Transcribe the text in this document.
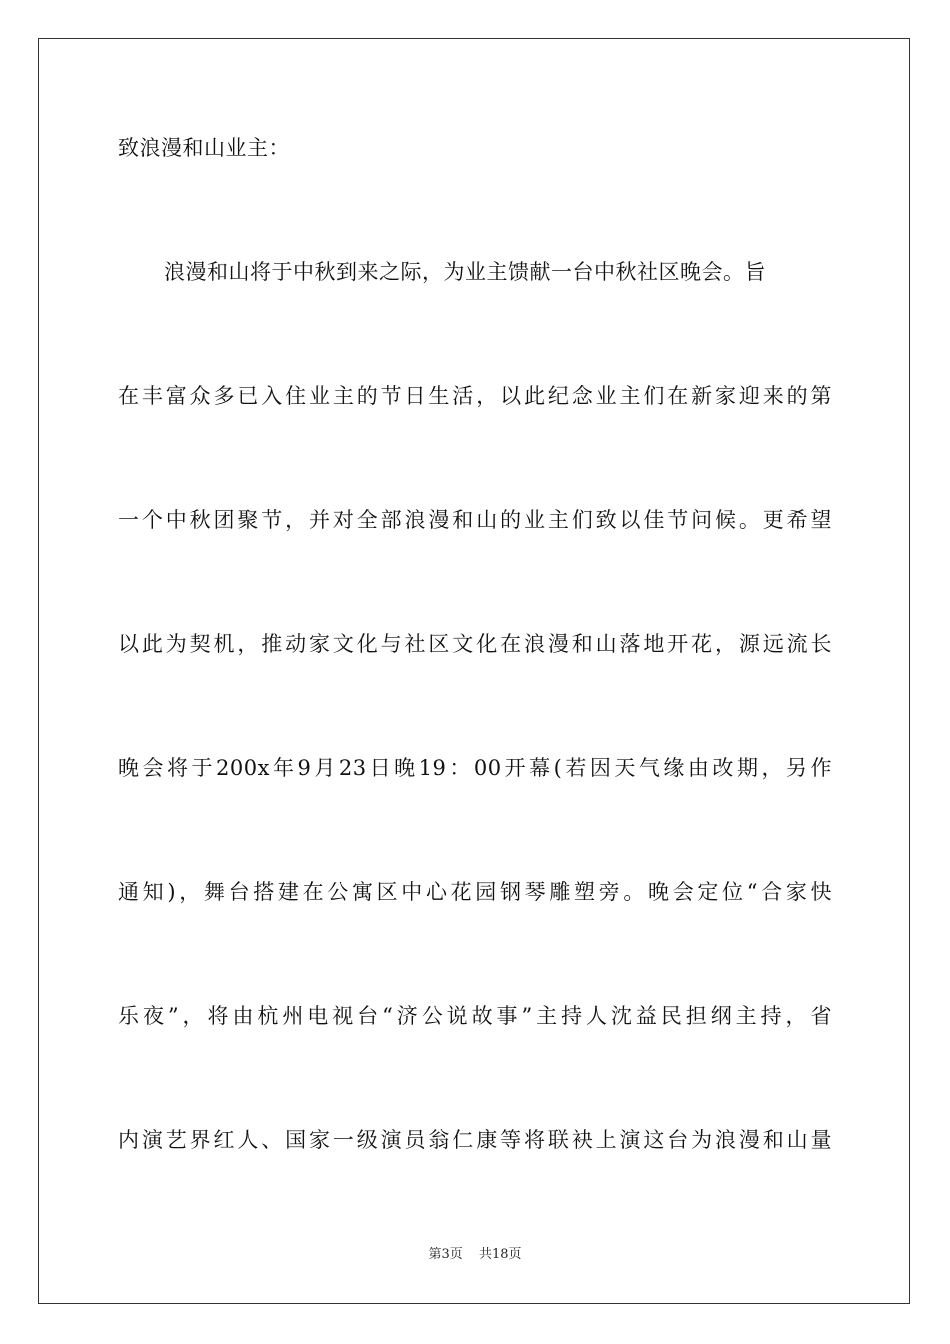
致浪漫和山业主：
浪漫和山将于中秋到来之际，为业主馈献一台中秋社区晚会。旨
在丰富众多已入住业主的节日生活，以此纪念业主们在新家迎来的第
一个中秋团聚节，并对全部浪漫和山的业主们致以佳节问候。更希望
以此为契机，推动家文化与社区文化在浪漫和山落地开花，源远流长
晚会将于200x年9月23日晚19：00开幕(若因天气缘由改期，另作
通知)，舞台搭建在公寓区中心花园钢琴雕塑旁。晚会定位“合家快
乐夜”，将由杭州电视台“济公说故事”主持人沈益民担纲主持，省
内演艺界红人、国家一级演员翁仁康等将联袂上演这台为浪漫和山量
第3页 共18页
